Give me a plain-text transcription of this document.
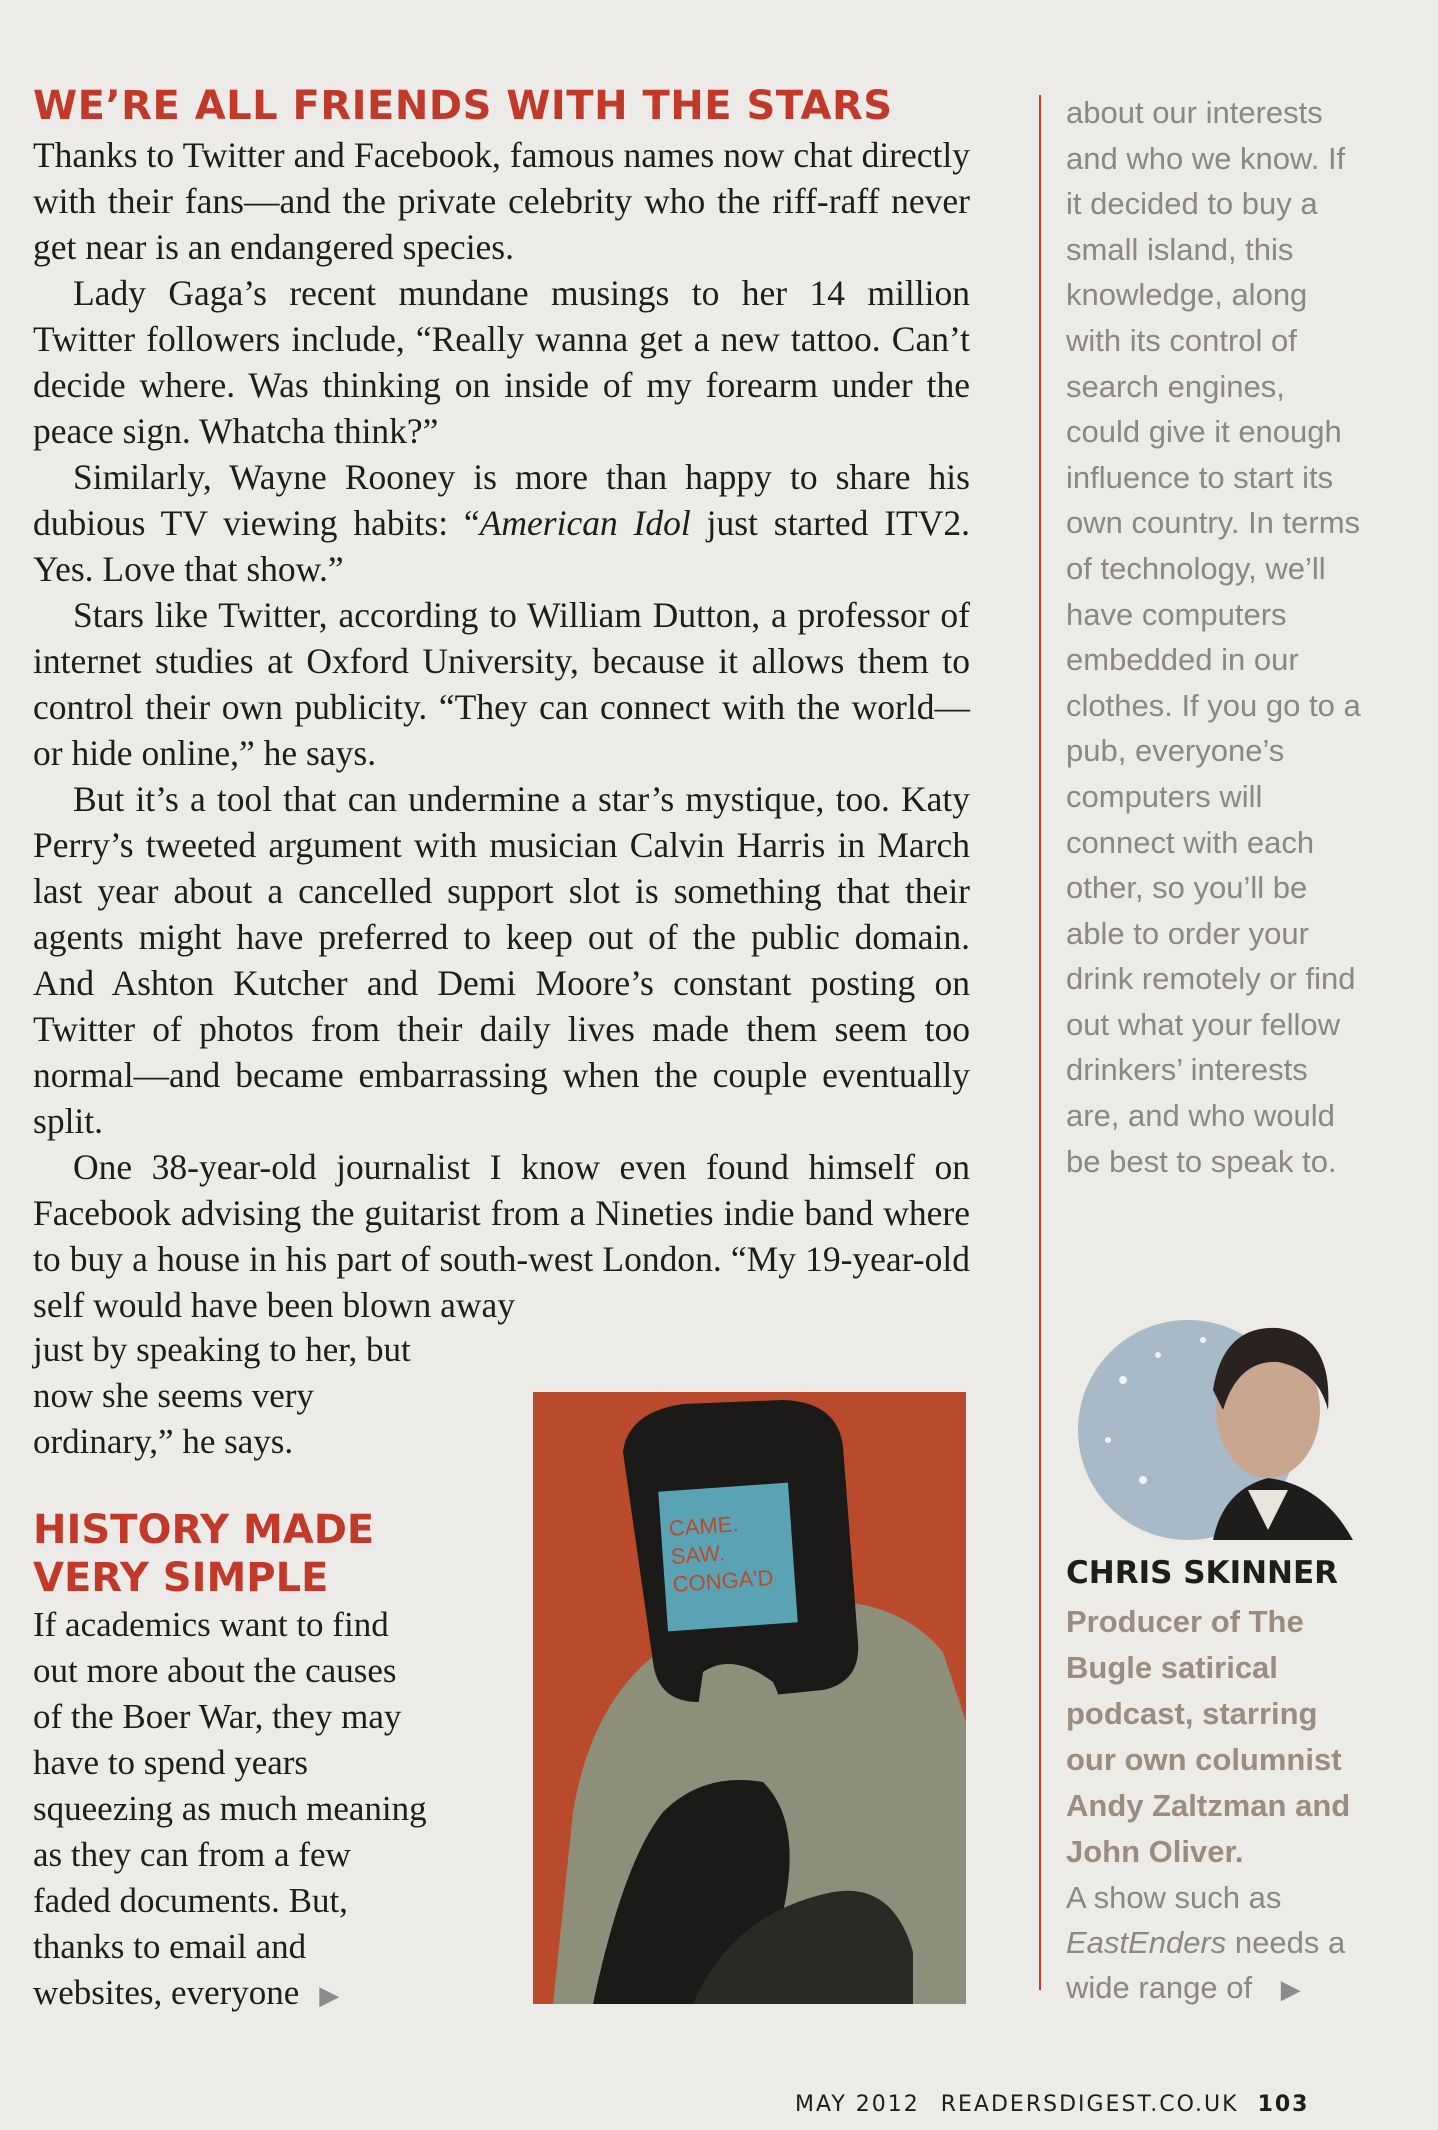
WE’RE ALL FRIENDS WITH THE STARS

Thanks to Twitter and Facebook, famous names now chat directly with their fans—and the private celebrity who the riff-raff never get near is an endangered species.

Lady Gaga’s recent mundane musings to her 14 million Twitter followers include, “Really wanna get a new tattoo. Can’t decide where. Was thinking on inside of my forearm under the peace sign. Whatcha think?”

Similarly, Wayne Rooney is more than happy to share his dubious TV viewing habits: “American Idol just started ITV2. Yes. Love that show.”

Stars like Twitter, according to William Dutton, a professor of internet studies at Oxford University, because it allows them to control their own publicity. “They can connect with the world—or hide online,” he says.

But it’s a tool that can undermine a star’s mystique, too. Katy Perry’s tweeted argument with musician Calvin Harris in March last year about a cancelled support slot is something that their agents might have preferred to keep out of the public domain. And Ashton Kutcher and Demi Moore’s constant posting on Twitter of photos from their daily lives made them seem too normal—and became embarrassing when the couple eventually split.

One 38-year-old journalist I know even found himself on Facebook advising the guitarist from a Nineties indie band where to buy a house in his part of south-west London. “My 19-year-old self would have been blown away

just by speaking to her, but now she seems very ordinary,” he says.

HISTORY MADE VERY SIMPLE

If academics want to find out more about the causes of the Boer War, they may have to spend years squeezing as much meaning as they can from a few faded documents. But, thanks to email and websites, everyone ▶

CAME.
SAW.
CONGA'D

about our interests and who we know. If it decided to buy a small island, this knowledge, along with its control of search engines, could give it enough influence to start its own country. In terms of technology, we’ll have computers embedded in our clothes. If you go to a pub, everyone’s computers will connect with each other, so you’ll be able to order your drink remotely or find out what your fellow drinkers’ interests are, and who would be best to speak to.

CHRIS SKINNER

Producer of The Bugle satirical podcast, starring our own columnist Andy Zaltzman and John Oliver.

A show such as EastEnders needs a wide range of ▶

MAY 2012 READERSDIGEST.CO.UK 103
